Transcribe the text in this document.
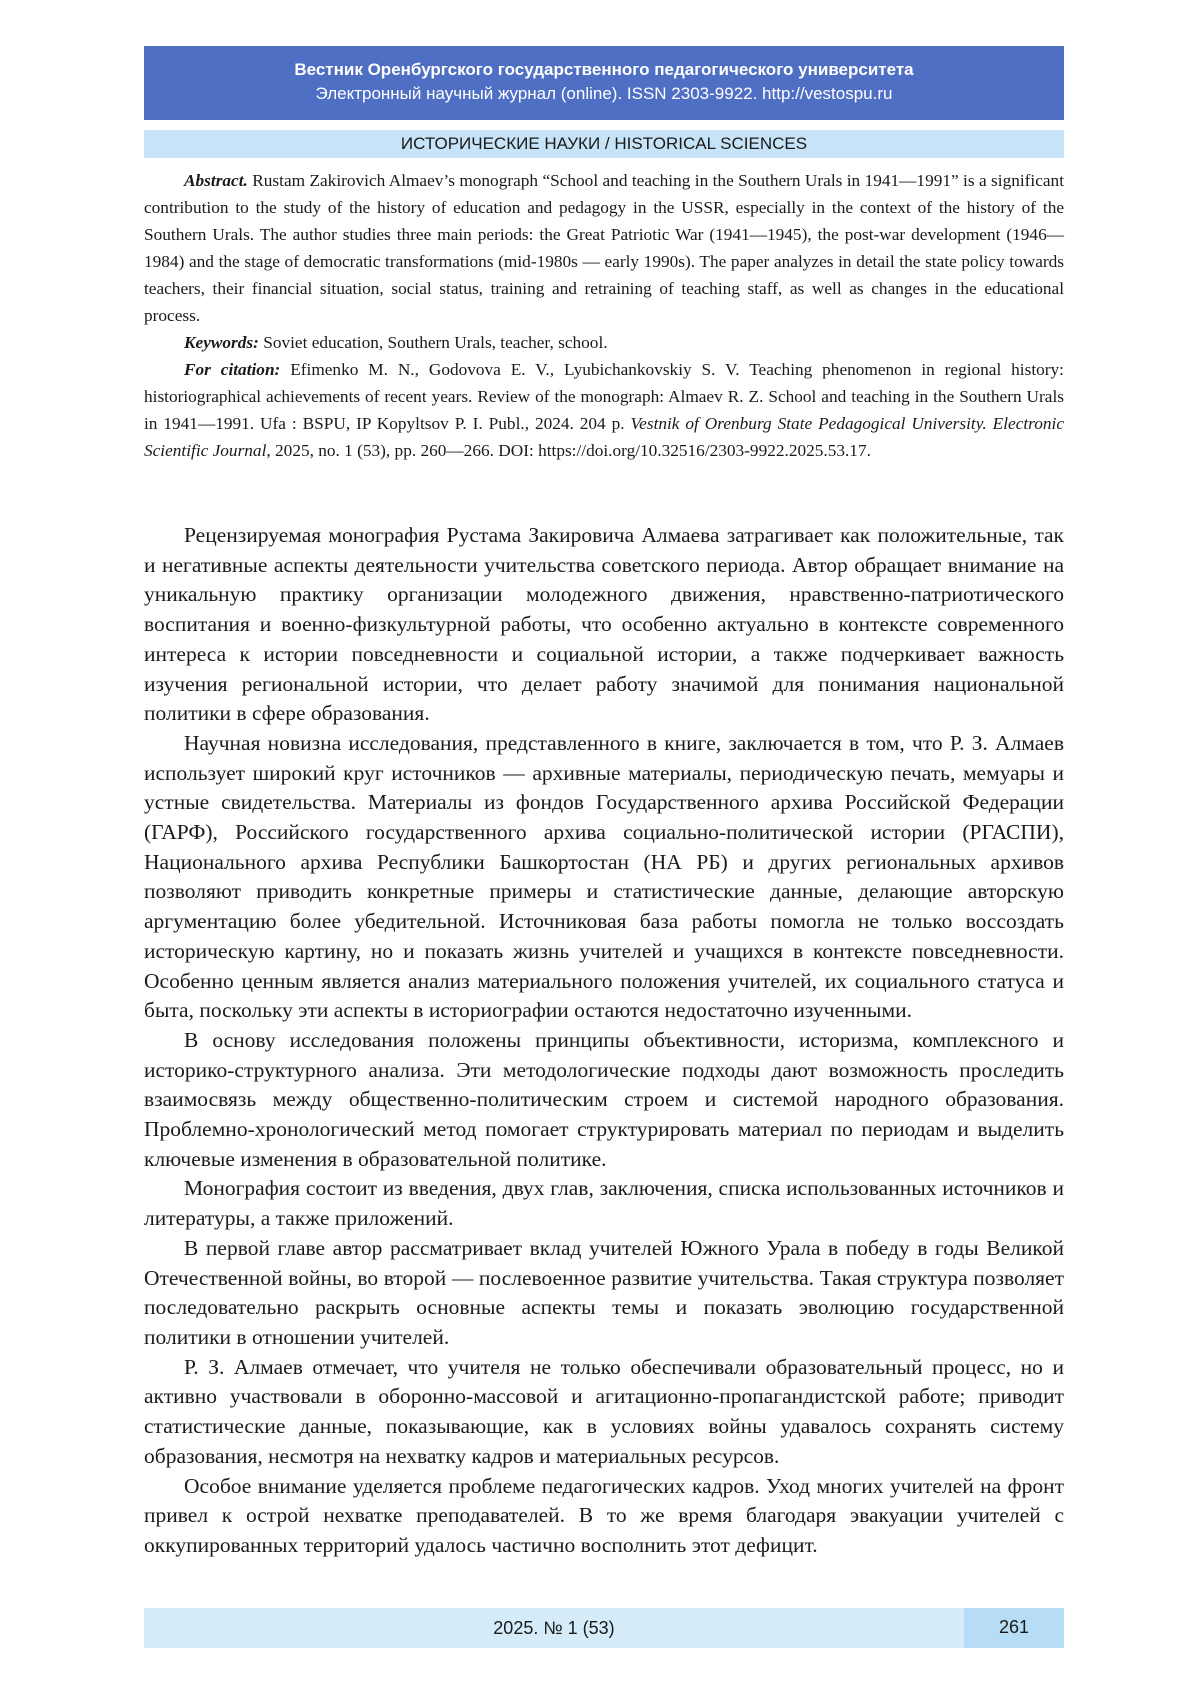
Вестник Оренбургского государственного педагогического университета
Электронный научный журнал (online). ISSN 2303-9922. http://vestospu.ru
ИСТОРИЧЕСКИЕ НАУКИ / HISTORICAL SCIENCES

Abstract. Rustam Zakirovich Almaev’s monograph “School and teaching in the Southern Urals in 1941—1991” is a significant contribution to the study of the history of education and pedagogy in the USSR, especially in the context of the history of the Southern Urals. The author studies three main periods: the Great Patriotic War (1941—1945), the post-war development (1946—1984) and the stage of democratic transformations (mid-1980s — early 1990s). The paper analyzes in detail the state policy towards teachers, their financial situation, social status, training and retraining of teaching staff, as well as changes in the educational process.

Keywords: Soviet education, Southern Urals, teacher, school.

For citation: Efimenko M. N., Godovova E. V., Lyubichankovskiy S. V. Teaching phenomenon in regional history: historiographical achievements of recent years. Review of the monograph: Almaev R. Z. School and teaching in the Southern Urals in 1941—1991. Ufa : BSPU, IP Kopyltsov P. I. Publ., 2024. 204 p. Vestnik of Orenburg State Pedagogical University. Electronic Scientific Journal, 2025, no. 1 (53), pp. 260—266. DOI: https://doi.org/10.32516/2303-9922.2025.53.17.

Рецензируемая монография Рустама Закировича Алмаева затрагивает как положительные, так и негативные аспекты деятельности учительства советского периода. Автор обращает внимание на уникальную практику организации молодежного движения, нравственно-патриотического воспитания и военно-физкультурной работы, что особенно актуально в контексте современного интереса к истории повседневности и социальной истории, а также подчеркивает важность изучения региональной истории, что делает работу значимой для понимания национальной политики в сфере образования.

Научная новизна исследования, представленного в книге, заключается в том, что Р. З. Алмаев использует широкий круг источников — архивные материалы, периодическую печать, мемуары и устные свидетельства. Материалы из фондов Государственного архива Российской Федерации (ГАРФ), Российского государственного архива социально-политической истории (РГАСПИ), Национального архива Республики Башкортостан (НА РБ) и других региональных архивов позволяют приводить конкретные примеры и статистические данные, делающие авторскую аргументацию более убедительной. Источниковая база работы помогла не только воссоздать историческую картину, но и показать жизнь учителей и учащихся в контексте повседневности. Особенно ценным является анализ материального положения учителей, их социального статуса и быта, поскольку эти аспекты в историографии остаются недостаточно изученными.

В основу исследования положены принципы объективности, историзма, комплексного и историко-структурного анализа. Эти методологические подходы дают возможность проследить взаимосвязь между общественно-политическим строем и системой народного образования. Проблемно-хронологический метод помогает структурировать материал по периодам и выделить ключевые изменения в образовательной политике.

Монография состоит из введения, двух глав, заключения, списка использованных источников и литературы, а также приложений.

В первой главе автор рассматривает вклад учителей Южного Урала в победу в годы Великой Отечественной войны, во второй — послевоенное развитие учительства. Такая структура позволяет последовательно раскрыть основные аспекты темы и показать эволюцию государственной политики в отношении учителей.

Р. З. Алмаев отмечает, что учителя не только обеспечивали образовательный процесс, но и активно участвовали в оборонно-массовой и агитационно-пропагандистской работе; приводит статистические данные, показывающие, как в условиях войны удавалось сохранять систему образования, несмотря на нехватку кадров и материальных ресурсов.

Особое внимание уделяется проблеме педагогических кадров. Уход многих учителей на фронт привел к острой нехватке преподавателей. В то же время благодаря эвакуации учителей с оккупированных территорий удалось частично восполнить этот дефицит.

2025. № 1 (53)	261
